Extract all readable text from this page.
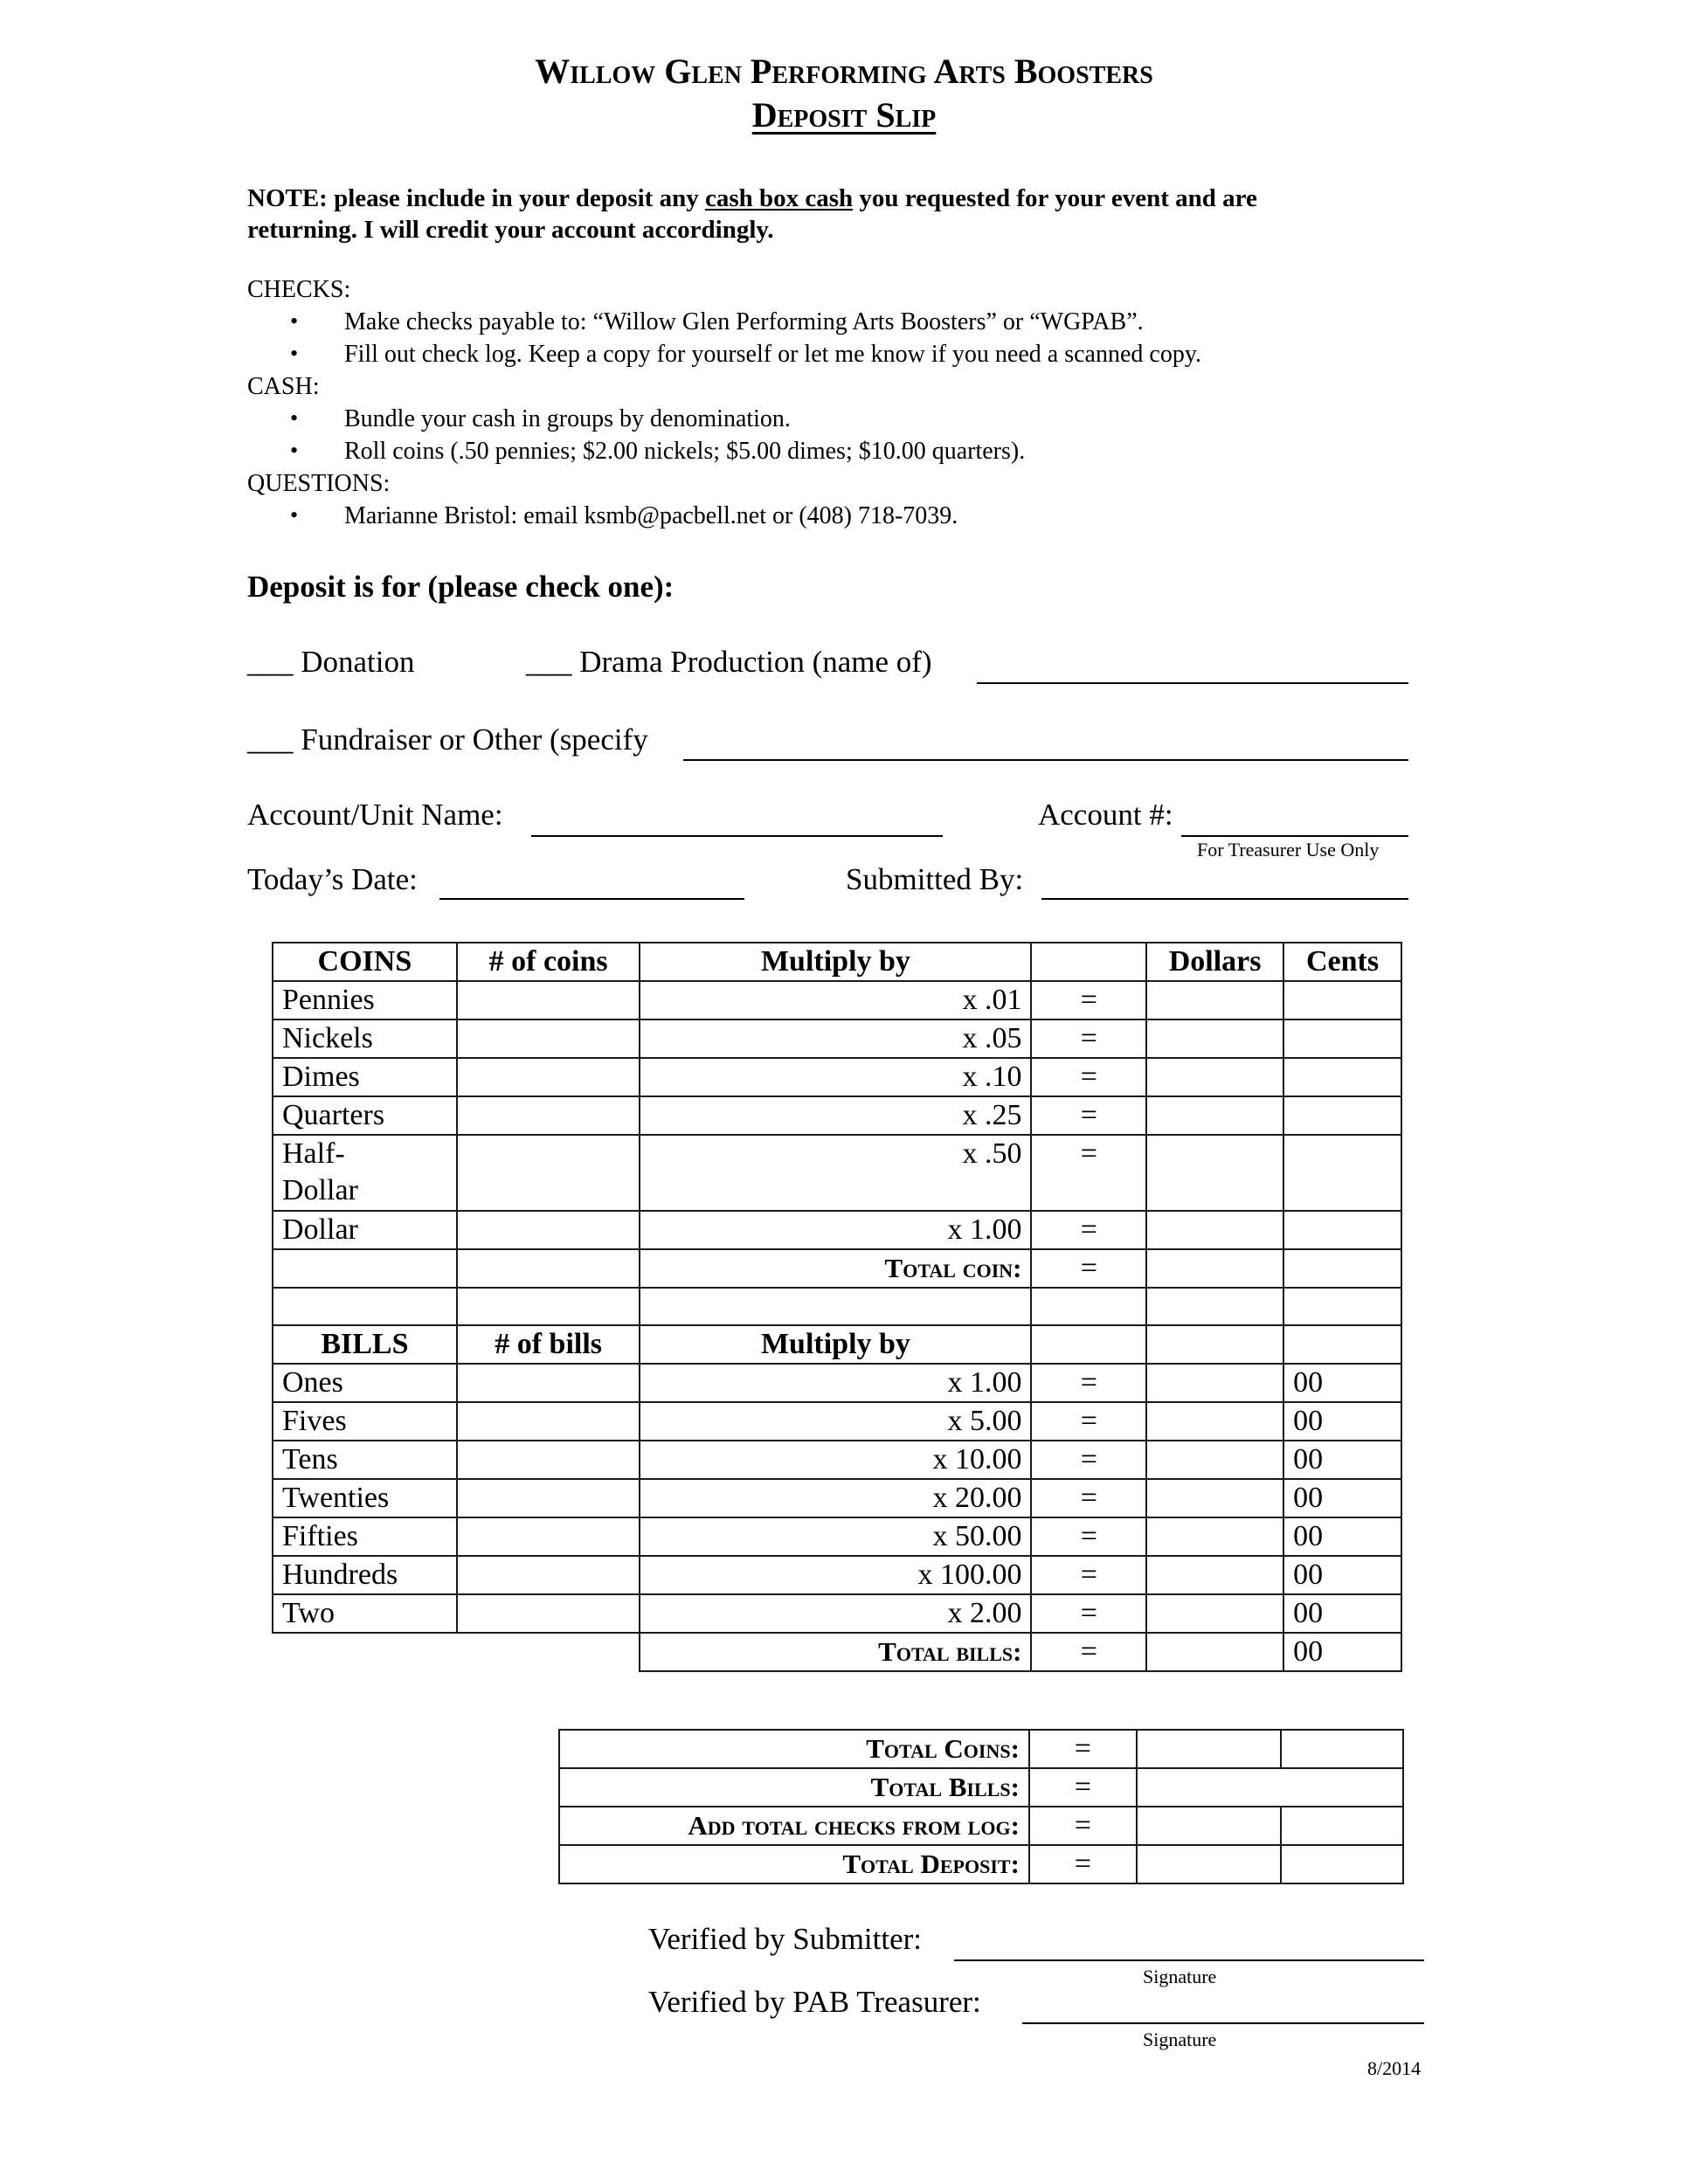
Willow Glen Performing Arts Boosters
Deposit Slip
NOTE: please include in your deposit any cash box cash you requested for your event and are
returning. I will credit your account accordingly.
CHECKS:
• Make checks payable to: “Willow Glen Performing Arts Boosters” or “WGPAB”.
• Fill out check log. Keep a copy for yourself or let me know if you need a scanned copy.
CASH:
• Bundle your cash in groups by denomination.
• Roll coins (.50 pennies; $2.00 nickels; $5.00 dimes; $10.00 quarters).
QUESTIONS:
• Marianne Bristol: email ksmb@pacbell.net or (408) 718-7039.
Deposit is for (please check one):
___ Donation	___ Drama Production (name of)
___ Fundraiser or Other (specify
Account/Unit Name:	Account #:
For Treasurer Use Only
Today’s Date:	Submitted By:
COINS	# of coins	Multiply by		Dollars	Cents
Pennies		x .01	=		
Nickels		x .05	=		
Dimes		x .10	=		
Quarters		x .25	=		
Half-
Dollar		x .50	=		
Dollar		x 1.00	=		
		Total coin:	=		

BILLS	# of bills	Multiply by			
Ones		x 1.00	=		00
Fives		x 5.00	=		00
Tens		x 10.00	=		00
Twenties		x 20.00	=		00
Fifties		x 50.00	=		00
Hundreds		x 100.00	=		00
Two		x 2.00	=		00
		Total bills:	=		00
Total Coins:	=		
Total Bills:	=		
Add total checks from log:	=		
Total Deposit:	=		
Verified by Submitter:
Signature
Verified by PAB Treasurer:
Signature
8/2014
